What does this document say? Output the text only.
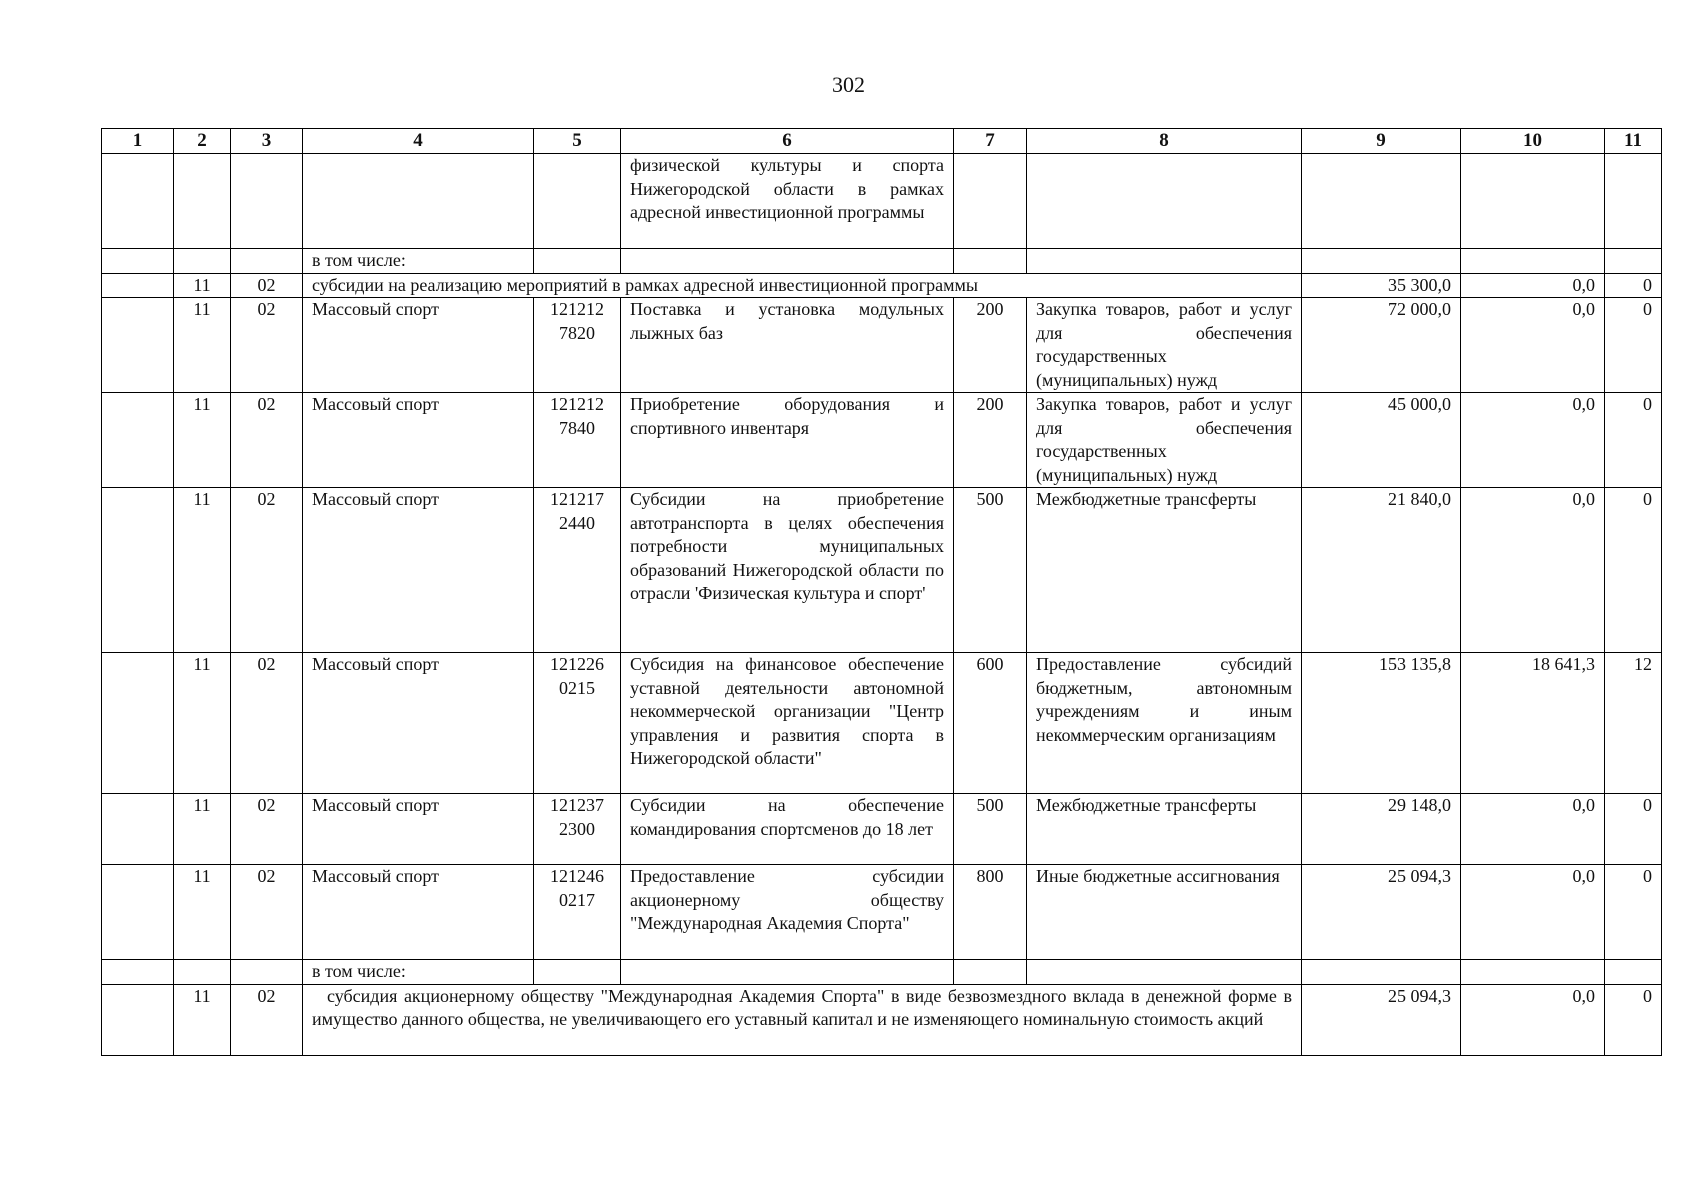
302
1	2	3	4	5	6	7	8	9	10	11
					физической культуры и спорта Нижегородской области в рамках адресной инвестиционной программы					
			в том числе:							
	11	02	субсидии на реализацию мероприятий в рамках адресной инвестиционной программы					35 300,0	0,0	0
	11	02	Массовый спорт	121212 7820	Поставка и установка модульных лыжных баз	200	Закупка товаров, работ и услуг для обеспечения государственных (муниципальных) нужд	72 000,0	0,0	0
	11	02	Массовый спорт	121212 7840	Приобретение оборудования и спортивного инвентаря	200	Закупка товаров, работ и услуг для обеспечения государственных (муниципальных) нужд	45 000,0	0,0	0
	11	02	Массовый спорт	121217 2440	Субсидии на приобретение автотранспорта в целях обеспечения потребности муниципальных образований Нижегородской области по отрасли 'Физическая культура и спорт'	500	Межбюджетные трансферты	21 840,0	0,0	0
	11	02	Массовый спорт	121226 0215	Субсидия на финансовое обеспечение уставной деятельности автономной некоммерческой организации "Центр управления и развития спорта в Нижегородской области"	600	Предоставление субсидий бюджетным, автономным учреждениям и иным некоммерческим организациям	153 135,8	18 641,3	12
	11	02	Массовый спорт	121237 2300	Субсидии на обеспечение командирования спортсменов до 18 лет	500	Межбюджетные трансферты	29 148,0	0,0	0
	11	02	Массовый спорт	121246 0217	Предоставление субсидии акционерному обществу "Международная Академия Спорта"	800	Иные бюджетные ассигнования	25 094,3	0,0	0
			в том числе:							
	11	02	субсидия акционерному обществу "Международная Академия Спорта" в виде безвозмездного вклада в денежной форме в имущество данного общества, не увеличивающего его уставный капитал и не изменяющего номинальную стоимость акций					25 094,3	0,0	0
